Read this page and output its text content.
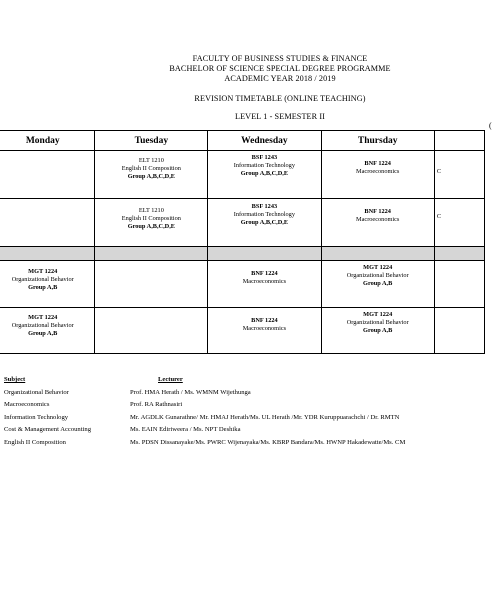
FACULTY OF BUSINESS STUDIES & FINANCE
BACHELOR OF SCIENCE SPECIAL DEGREE PROGRAMME
ACADEMIC YEAR 2018 / 2019
REVISION TIMETABLE (ONLINE TEACHING)
LEVEL 1 - SEMESTER II
(
Monday	Tuesday	Wednesday	Thursday	

	ELT 1210
English II Composition
Group A,B,C,D,E	BSF 1243
Information Technology
Group A,B,C,D,E	BNF 1224
Macroeconomics	C

	ELT 1210
English II Composition
Group A,B,C,D,E	BSF 1243
Information Technology
Group A,B,C,D,E	BNF 1224
Macroeconomics	C

MGT 1224
Organizational Behavior
Group A,B		BNF 1224
Macroeconomics	MGT 1224
Organizational Behavior
Group A,B	

MGT 1224
Organizational Behavior
Group A,B		BNF 1224
Macroeconomics	MGT 1224
Organizational Behavior
Group A,B	

Subject	Lecturer
Organizational Behavior	Prof. HMA Herath / Ms. WMNM Wijethunga
Macroeconomics	Prof. RA Rathnasiri
Information Technology	Mr. AGDLK Gunarathne/ Mr. HMAJ Herath/Ms. UL Herath /Mr. YDR Kuruppuarachchi / Dr. RMTN
Cost & Management Accounting	Ms. EAIN Ediriweera / Ms. NPT Deshika
English II Composition	Ms. PDSN Dissanayake/Ms. PWRC Wijenayaka/Ms. KBRP Bandara/Ms. HWNP Hakadewatte/Ms. CM
